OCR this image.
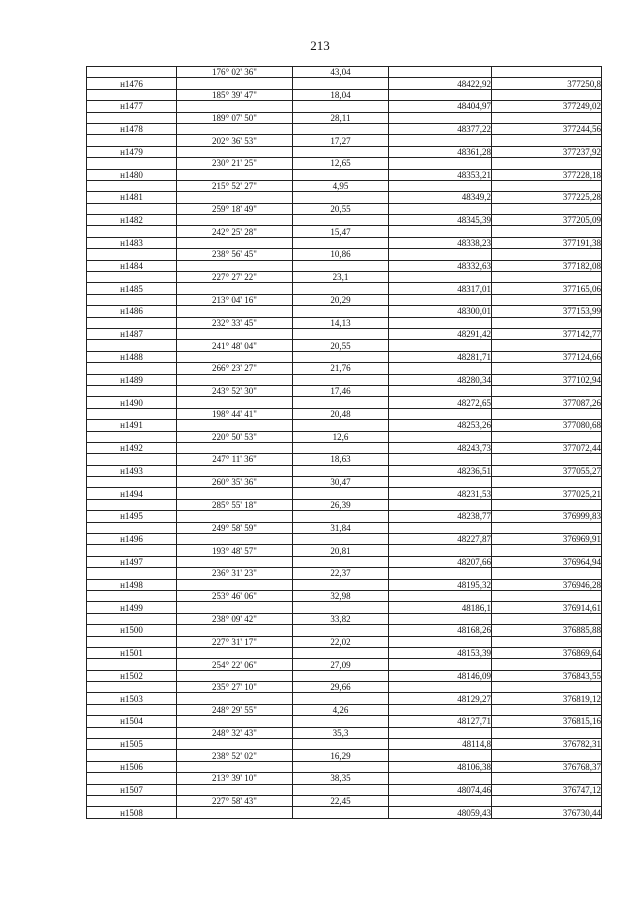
213
	176° 02' 36"	43,04		
н1476			48422,92	377250,8
	185° 39' 47"	18,04		
н1477			48404,97	377249,02
	189° 07' 50"	28,11		
н1478			48377,22	377244,56
	202° 36' 53"	17,27		
н1479			48361,28	377237,92
	230° 21' 25"	12,65		
н1480			48353,21	377228,18
	215° 52' 27"	4,95		
н1481			48349,2	377225,28
	259° 18' 49"	20,55		
н1482			48345,39	377205,09
	242° 25' 28"	15,47		
н1483			48338,23	377191,38
	238° 56' 45"	10,86		
н1484			48332,63	377182,08
	227° 27' 22"	23,1		
н1485			48317,01	377165,06
	213° 04' 16"	20,29		
н1486			48300,01	377153,99
	232° 33' 45"	14,13		
н1487			48291,42	377142,77
	241° 48' 04"	20,55		
н1488			48281,71	377124,66
	266° 23' 27"	21,76		
н1489			48280,34	377102,94
	243° 52' 30"	17,46		
н1490			48272,65	377087,26
	198° 44' 41"	20,48		
н1491			48253,26	377080,68
	220° 50' 53"	12,6		
н1492			48243,73	377072,44
	247° 11' 36"	18,63		
н1493			48236,51	377055,27
	260° 35' 36"	30,47		
н1494			48231,53	377025,21
	285° 55' 18"	26,39		
н1495			48238,77	376999,83
	249° 58' 59"	31,84		
н1496			48227,87	376969,91
	193° 48' 57"	20,81		
н1497			48207,66	376964,94
	236° 31' 23"	22,37		
н1498			48195,32	376946,28
	253° 46' 06"	32,98		
н1499			48186,1	376914,61
	238° 09' 42"	33,82		
н1500			48168,26	376885,88
	227° 31' 17"	22,02		
н1501			48153,39	376869,64
	254° 22' 06"	27,09		
н1502			48146,09	376843,55
	235° 27' 10"	29,66		
н1503			48129,27	376819,12
	248° 29' 55"	4,26		
н1504			48127,71	376815,16
	248° 32' 43"	35,3		
н1505			48114,8	376782,31
	238° 52' 02"	16,29		
н1506			48106,38	376768,37
	213° 39' 10"	38,35		
н1507			48074,46	376747,12
	227° 58' 43"	22,45		
н1508			48059,43	376730,44
